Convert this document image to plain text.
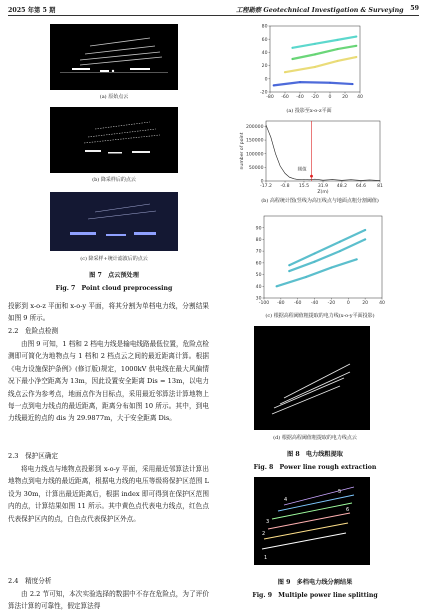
2025 年第 5 期	工程勘察 Geotechnical Investigation & Surveying 59
(a) 原始点云
(b) 降采样后的点云
(c) 降采样+统计滤波后的点云
图 7　点云预处理
Fig. 7　Point cloud preprocessing

投影到 x-o-z 平面和 x-o-y 平面，将其分割为单档电力线，分割结果如图 9 所示。

2.2　危险点检测

由图 9 可知，1 档和 2 档电力线是输电线路最低位置，危险点检测即可简化为地物点与 1 档和 2 档点云之间的最近距离计算。根据《电力设施保护条例》(修订版)规定，1000kV 供电线在最大风偏情况下最小净空距离为 13m，因此设置安全距离 Dis = 13m，以电力线点云作为参考点，地面点作为目标点，采用最近邻算法计算地物上每一点到电力线点的最近距离，距离分布如图 10 所示。其中，到电力线最近的点的 dis 为 29.9877m，大于安全距离 Dis。

2.3　保护区确定

将电力线点与地物点投影到 x-o-y 平面，采用最近邻算法计算出地物点到电力线的最近距离，根据电力线的电压等级将保护区范围 L 设为 30m，计算出最近距离后，根据 index 即可得到在保护区范围内的点，计算结果如图 11 所示。其中黄色点代表电力线点，红色点代表保护区内的点，白色点代表保护区外点。

2.4　精度分析

由 2.2 节可知，本次实验选择的数据中不存在危险点，为了评价算法计算的可靠性，假定算法得

-80 -60 -40 -20 0 20 40
-20
0
20
40
60
80
(a) 投影至x-o-z平面
-17.2 -0.8 15.5 31.9 48.2 64.6 81
0
50000
100000
150000
200000
阈值
number of point
Z(m)
(b) 高程统计图(竖线为高压线点与地面点粗分割阈值)
-100 -80 -60 -40 -20	0	20 40
30
40
50
60
70
80
90
(c) 根据高程阈值粗提取的电力线(x-o-y平面投影)
(d) 根据高程阈值粗提取的电力线点云
图 8　电力线粗提取
Fig. 8　Power line rough extraction
1
2
3
4
5
6
图 9　多档电力线分割结果
Fig. 9　Multiple power line splitting
